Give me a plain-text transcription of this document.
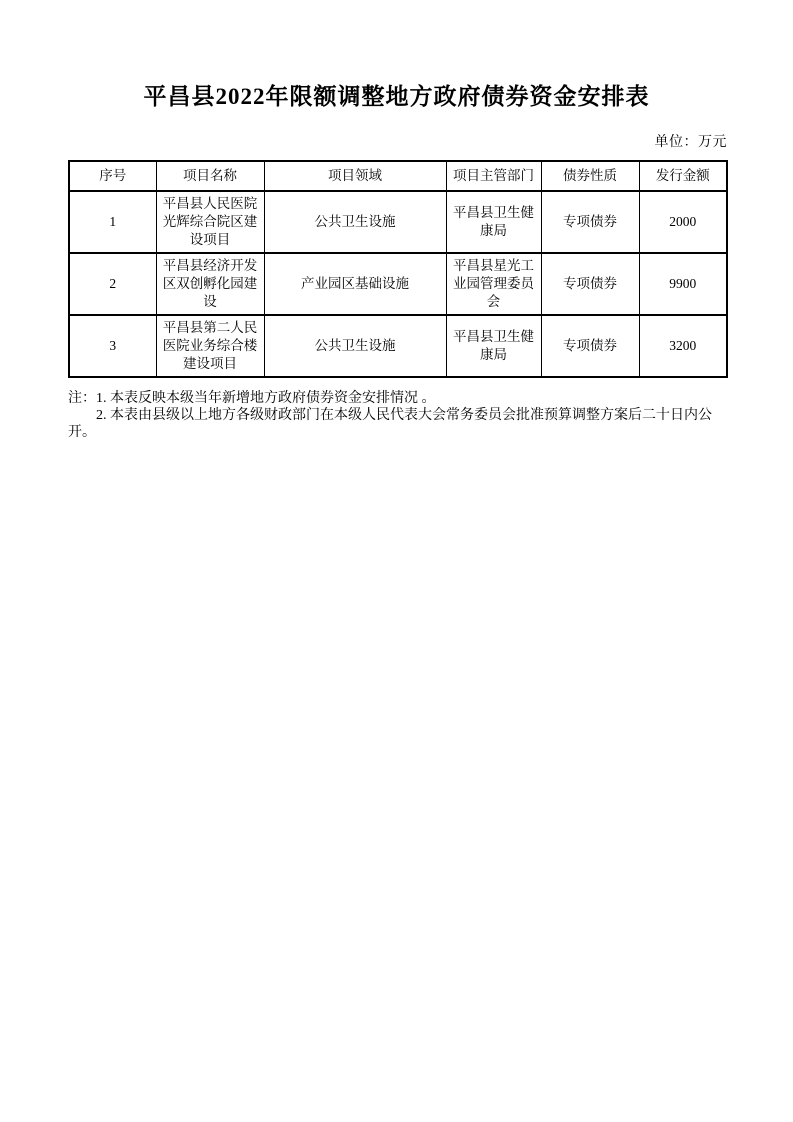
平昌县2022年限额调整地方政府债券资金安排表
单位：万元
序号	项目名称	项目领域	项目主管部门	债券性质	发行金额
1	平昌县人民医院光辉综合院区建设项目	公共卫生设施	平昌县卫生健康局	专项债券	2000
2	平昌县经济开发区双创孵化园建设	产业园区基础设施	平昌县星光工业园管理委员会	专项债券	9900
3	平昌县第二人民医院业务综合楼建设项目	公共卫生设施	平昌县卫生健康局	专项债券	3200

注：1. 本表反映本级当年新增地方政府债券资金安排情况 。

2. 本表由县级以上地方各级财政部门在本级人民代表大会常务委员会批准预算调整方案后二十日内公开。
